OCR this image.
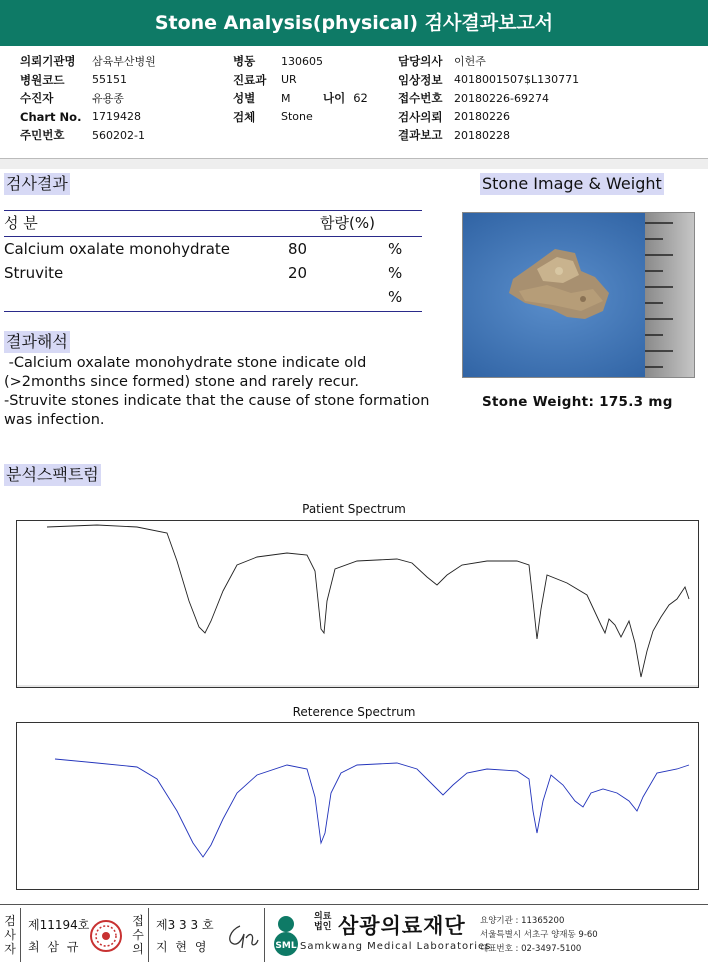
Stone Analysis(physical) 검사결과보고서
의뢰기관명	삼육부산병원
병원코드	55151
수진자	유용종
Chart No. 1719428
주민번호	560202-1
병동	130605
진료과	UR
성별	M
검체	Stone
나이 62
담당의사	이헌주
임상정보	4018001507$L130771
접수번호	20180226-69274
검사의뢰	20180226
결과보고	20180228
검사결과
성 분	함량(%)
Calcium oxalate monohydrate	80	%
Struvite	20	%
%
결과해석
-Calcium oxalate monohydrate stone indicate old
(>2months since formed) stone and rarely recur.
-Struvite stones indicate that the cause of stone formation
was infection.
Stone Image & Weight
Stone Weight: 175.3 mg
분석스팩트럼
Patient Spectrum
Reterence Spectrum
검사자
제11194호
최 삼 규
접수의
제3 3 3 호
지 현 영	SML
의료법인 삼광의료재단
Samkwang Medical Laboratories
요양기관 : 11365200
서울특별시 서초구 양재동 9-60
대표번호 : 02-3497-5100
